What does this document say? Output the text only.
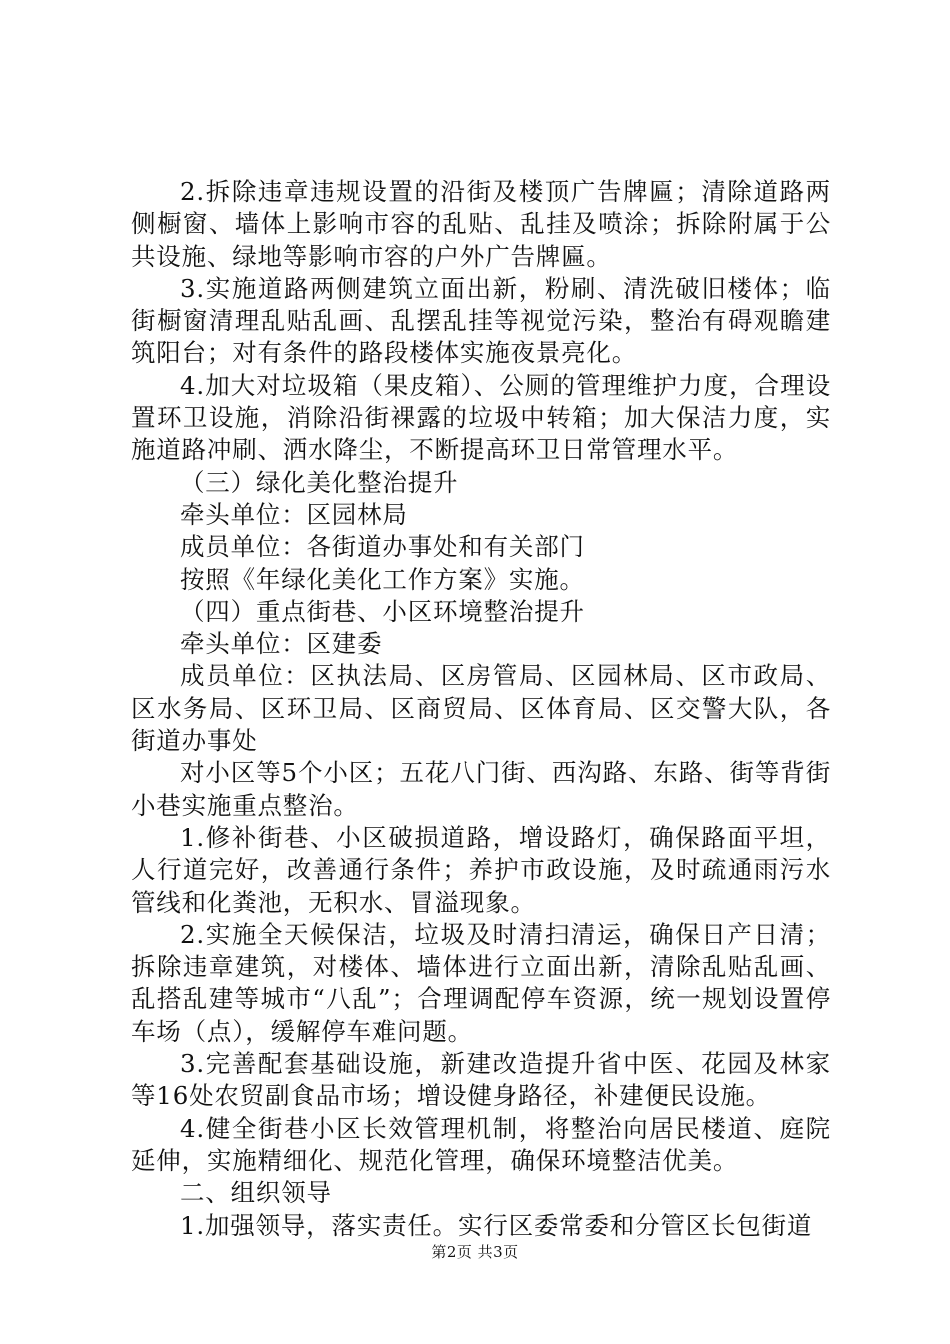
2.拆除违章违规设置的沿街及楼顶广告牌匾；清除道路两侧橱窗、墙体上影响市容的乱贴、乱挂及喷涂；拆除附属于公共设施、绿地等影响市容的户外广告牌匾。

3.实施道路两侧建筑立面出新，粉刷、清洗破旧楼体；临街橱窗清理乱贴乱画、乱摆乱挂等视觉污染，整治有碍观瞻建筑阳台；对有条件的路段楼体实施夜景亮化。

4.加大对垃圾箱（果皮箱）、公厕的管理维护力度，合理设置环卫设施，消除沿街裸露的垃圾中转箱；加大保洁力度，实施道路冲刷、洒水降尘，不断提高环卫日常管理水平。

（三）绿化美化整治提升

牵头单位：区园林局

成员单位：各街道办事处和有关部门

按照《年绿化美化工作方案》实施。

（四）重点街巷、小区环境整治提升

牵头单位：区建委

成员单位：区执法局、区房管局、区园林局、区市政局、区水务局、区环卫局、区商贸局、区体育局、区交警大队，各街道办事处

对小区等5个小区；五花八门街、西沟路、东路、街等背街小巷实施重点整治。

1.修补街巷、小区破损道路，增设路灯，确保路面平坦，人行道完好，改善通行条件；养护市政设施，及时疏通雨污水管线和化粪池，无积水、冒溢现象。

2.实施全天候保洁，垃圾及时清扫清运，确保日产日清；拆除违章建筑，对楼体、墙体进行立面出新，清除乱贴乱画、乱搭乱建等城市“八乱”；合理调配停车资源，统一规划设置停车场（点），缓解停车难问题。

3.完善配套基础设施，新建改造提升省中医、花园及林家等16处农贸副食品市场；增设健身路径，补建便民设施。

4.健全街巷小区长效管理机制，将整治向居民楼道、庭院延伸，实施精细化、规范化管理，确保环境整洁优美。

二、组织领导

1.加强领导，落实责任。实行区委常委和分管区长包街道

第2页 共3页
